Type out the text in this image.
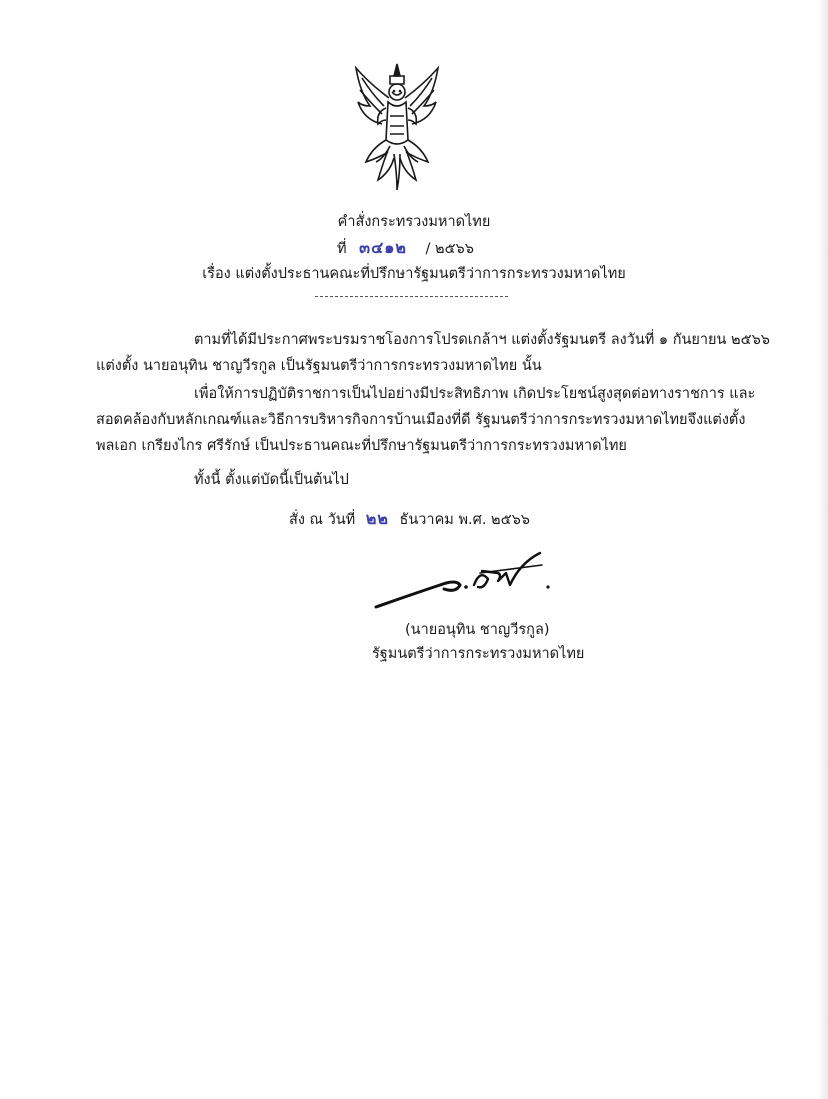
คำสั่งกระทรวงมหาดไทย
ที่ ๓๔๑๒ / ๒๕๖๖
เรื่อง แต่งตั้งประธานคณะที่ปรึกษารัฐมนตรีว่าการกระทรวงมหาดไทย
ตามที่ได้มีประกาศพระบรมราชโองการโปรดเกล้าฯ แต่งตั้งรัฐมนตรี ลงวันที่ ๑ กันยายน ๒๕๖๖
แต่งตั้ง นายอนุทิน ชาญวีรกูล เป็นรัฐมนตรีว่าการกระทรวงมหาดไทย นั้น
เพื่อให้การปฏิบัติราชการเป็นไปอย่างมีประสิทธิภาพ เกิดประโยชน์สูงสุดต่อทางราชการ และ
สอดคล้องกับหลักเกณฑ์และวิธีการบริหารกิจการบ้านเมืองที่ดี รัฐมนตรีว่าการกระทรวงมหาดไทยจึงแต่งตั้ง
พลเอก เกรียงไกร ศรีรักษ์ เป็นประธานคณะที่ปรึกษารัฐมนตรีว่าการกระทรวงมหาดไทย
ทั้งนี้ ตั้งแต่บัดนี้เป็นต้นไป
สั่ง ณ วันที่ ๒๒ ธันวาคม พ.ศ. ๒๕๖๖
(นายอนุทิน ชาญวีรกูล)
รัฐมนตรีว่าการกระทรวงมหาดไทย
